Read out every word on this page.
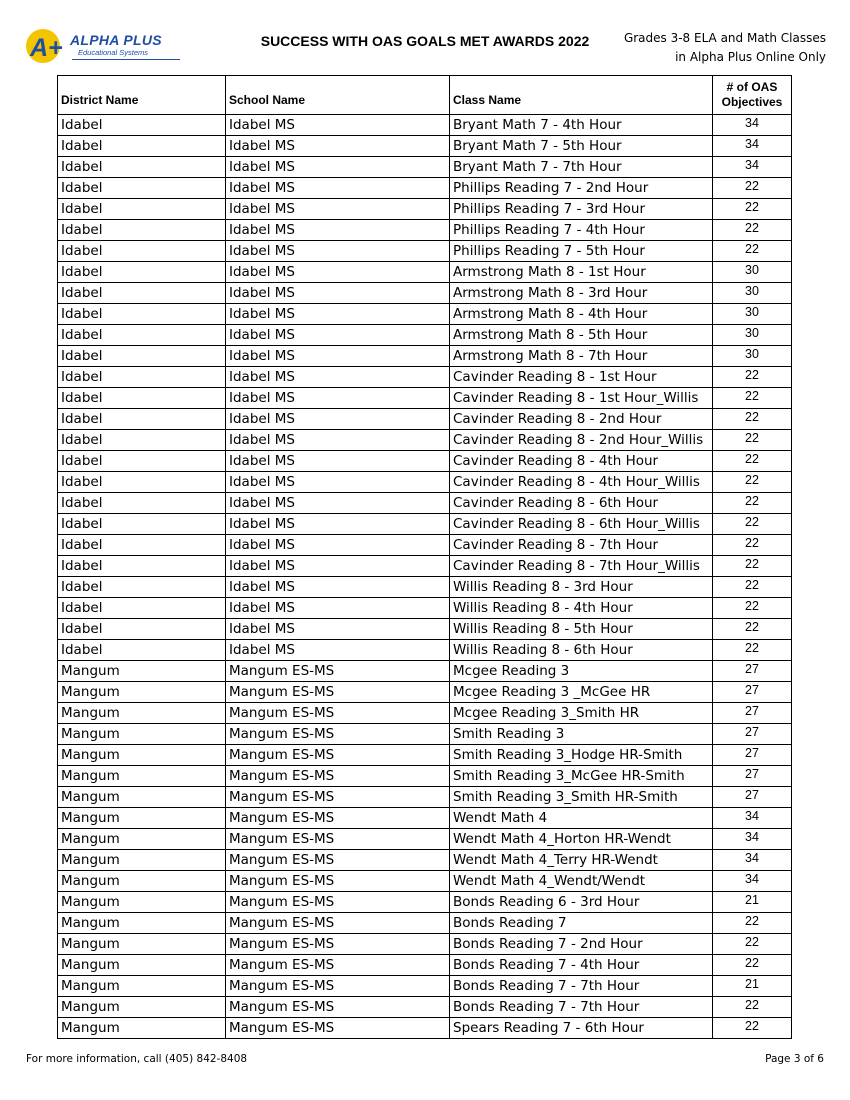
A+ ALPHA PLUS
Educational Systems
SUCCESS WITH OAS GOALS MET AWARDS 2022	Grades 3-8 ELA and Math Classes
in Alpha Plus Online Only
District Name	School Name	Class Name	# of OAS Objectives
Idabel	Idabel MS	Bryant Math 7 - 4th Hour	34
Idabel	Idabel MS	Bryant Math 7 - 5th Hour	34
Idabel	Idabel MS	Bryant Math 7 - 7th Hour	34
Idabel	Idabel MS	Phillips Reading 7 - 2nd Hour	22
Idabel	Idabel MS	Phillips Reading 7 - 3rd Hour	22
Idabel	Idabel MS	Phillips Reading 7 - 4th Hour	22
Idabel	Idabel MS	Phillips Reading 7 - 5th Hour	22
Idabel	Idabel MS	Armstrong Math 8 - 1st Hour	30
Idabel	Idabel MS	Armstrong Math 8 - 3rd Hour	30
Idabel	Idabel MS	Armstrong Math 8 - 4th Hour	30
Idabel	Idabel MS	Armstrong Math 8 - 5th Hour	30
Idabel	Idabel MS	Armstrong Math 8 - 7th Hour	30
Idabel	Idabel MS	Cavinder Reading 8 - 1st Hour	22
Idabel	Idabel MS	Cavinder Reading 8 - 1st Hour_Willis	22
Idabel	Idabel MS	Cavinder Reading 8 - 2nd Hour	22
Idabel	Idabel MS	Cavinder Reading 8 - 2nd Hour_Willis	22
Idabel	Idabel MS	Cavinder Reading 8 - 4th Hour	22
Idabel	Idabel MS	Cavinder Reading 8 - 4th Hour_Willis	22
Idabel	Idabel MS	Cavinder Reading 8 - 6th Hour	22
Idabel	Idabel MS	Cavinder Reading 8 - 6th Hour_Willis	22
Idabel	Idabel MS	Cavinder Reading 8 - 7th Hour	22
Idabel	Idabel MS	Cavinder Reading 8 - 7th Hour_Willis	22
Idabel	Idabel MS	Willis Reading 8 - 3rd Hour	22
Idabel	Idabel MS	Willis Reading 8 - 4th Hour	22
Idabel	Idabel MS	Willis Reading 8 - 5th Hour	22
Idabel	Idabel MS	Willis Reading 8 - 6th Hour	22
Mangum	Mangum ES-MS	Mcgee Reading 3	27
Mangum	Mangum ES-MS	Mcgee Reading 3 _McGee HR	27
Mangum	Mangum ES-MS	Mcgee Reading 3_Smith HR	27
Mangum	Mangum ES-MS	Smith Reading 3	27
Mangum	Mangum ES-MS	Smith Reading 3_Hodge HR-Smith	27
Mangum	Mangum ES-MS	Smith Reading 3_McGee HR-Smith	27
Mangum	Mangum ES-MS	Smith Reading 3_Smith HR-Smith	27
Mangum	Mangum ES-MS	Wendt Math 4	34
Mangum	Mangum ES-MS	Wendt Math 4_Horton HR-Wendt	34
Mangum	Mangum ES-MS	Wendt Math 4_Terry HR-Wendt	34
Mangum	Mangum ES-MS	Wendt Math 4_Wendt/Wendt	34
Mangum	Mangum ES-MS	Bonds Reading 6 - 3rd Hour	21
Mangum	Mangum ES-MS	Bonds Reading 7	22
Mangum	Mangum ES-MS	Bonds Reading 7 - 2nd Hour	22
Mangum	Mangum ES-MS	Bonds Reading 7 - 4th Hour	22
Mangum	Mangum ES-MS	Bonds Reading 7 - 7th Hour	21
Mangum	Mangum ES-MS	Bonds Reading 7 - 7th Hour	22
Mangum	Mangum ES-MS	Spears Reading 7 - 6th Hour	22
For more information, call (405) 842-8408	Page 3 of 6
